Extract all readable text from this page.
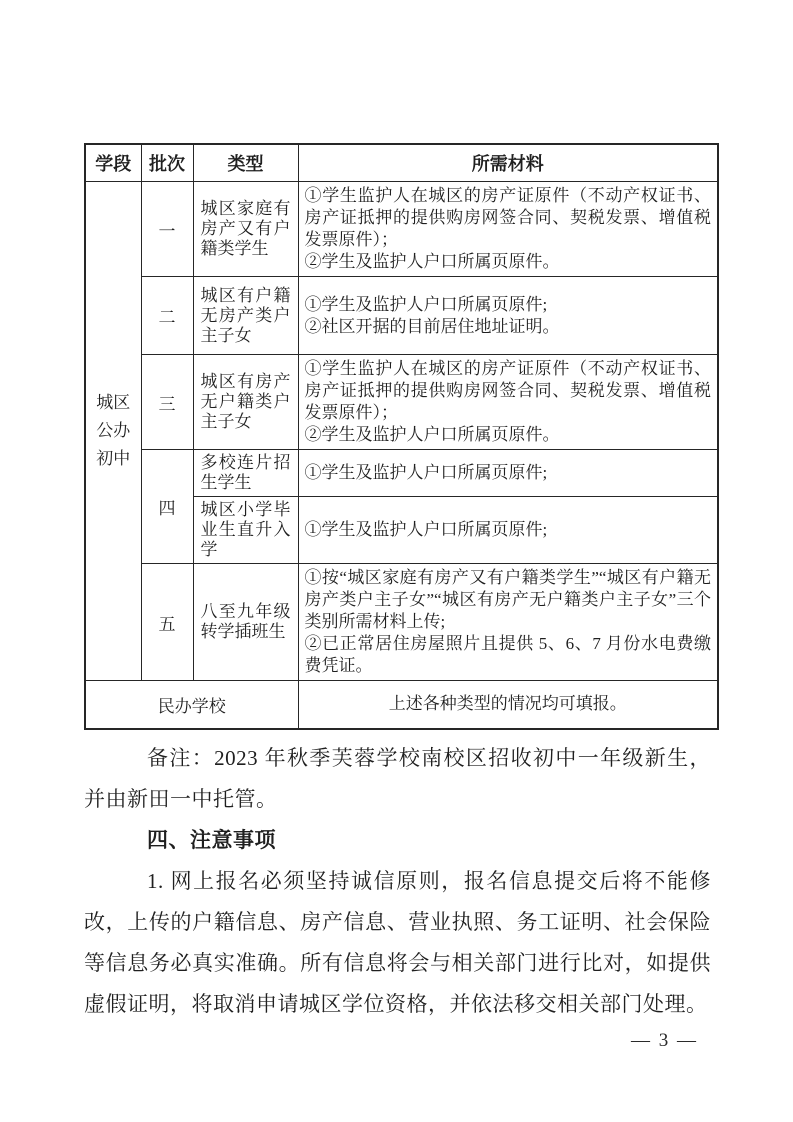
学段	批次	类型	所需材料
城区公办初中	一	城区家庭有房产又有户籍类学生	①学生监护人在城区的房产证原件（不动产权证书、房产证抵押的提供购房网签合同、契税发票、增值税发票原件）；
②学生及监护人户口所属页原件。

	二	城区有户籍无房产类户主子女	①学生及监护人户口所属页原件;
②社区开据的目前居住地址证明。

	三	城区有房产无户籍类户主子女	①学生监护人在城区的房产证原件（不动产权证书、房产证抵押的提供购房网签合同、契税发票、增值税发票原件）；
②学生及监护人户口所属页原件。

	四	多校连片招生学生	①学生及监护人户口所属页原件;

		城区小学毕业生直升入学	①学生及监护人户口所属页原件;

	五	八至九年级转学插班生	①按“城区家庭有房产又有户籍类学生”“城区有户籍无房产类户主子女”“城区有房产无户籍类户主子女”三个类别所需材料上传;
②已正常居住房屋照片且提供 5、6、7 月份水电费缴费凭证。

民办学校			上述各种类型的情况均可填报。

备注：2023 年秋季芙蓉学校南校区招收初中一年级新生，并由新田一中托管。

四、注意事项

1. 网上报名必须坚持诚信原则，报名信息提交后将不能修改，上传的户籍信息、房产信息、营业执照、务工证明、社会保险等信息务必真实准确。所有信息将会与相关部门进行比对，如提供虚假证明，将取消申请城区学位资格，并依法移交相关部门处理。

— 3 —
